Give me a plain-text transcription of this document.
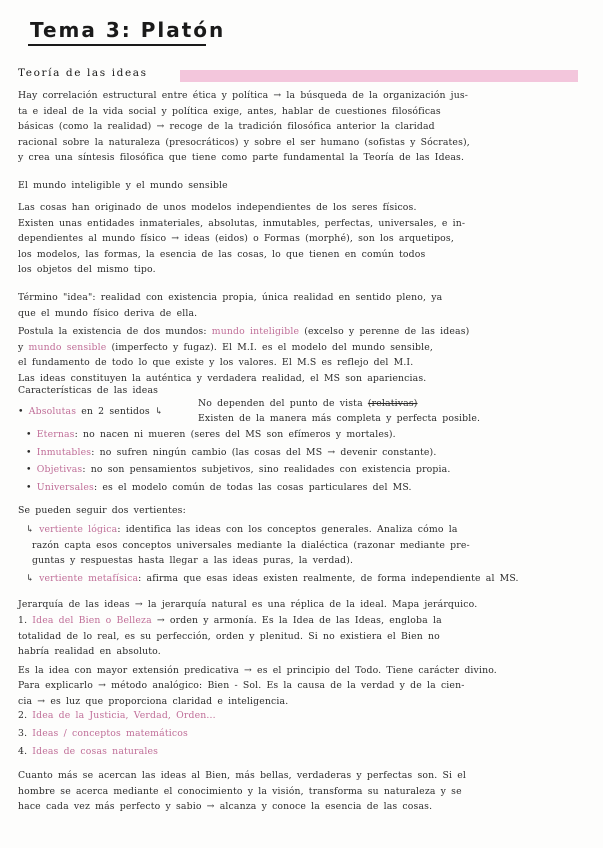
Tema 3: Platón
Teoría de las ideas
Hay correlación estructural entre ética y política → la búsqueda de la organización jus-
ta e ideal de la vida social y política exige, antes, hablar de cuestiones filosóficas
básicas (como la realidad) → recoge de la tradición filosófica anterior la claridad
racional sobre la naturaleza (presocráticos) y sobre el ser humano (sofistas y Sócrates),
y crea una síntesis filosófica que tiene como parte fundamental la Teoría de las Ideas.
El mundo inteligible y el mundo sensible
Las cosas han originado de unos modelos independientes de los seres físicos.
Existen unas entidades inmateriales, absolutas, inmutables, perfectas, universales, e in-
dependientes al mundo físico → ideas (eidos) o Formas (morphé), son los arquetipos,
los modelos, las formas, la esencia de las cosas, lo que tienen en común todos
los objetos del mismo tipo.
Término "idea": realidad con existencia propia, única realidad en sentido pleno, ya
que el mundo físico deriva de ella.
Postula la existencia de dos mundos: mundo inteligible (excelso y perenne de las ideas)
y mundo sensible (imperfecto y fugaz). El M.I. es el modelo del mundo sensible,
el fundamento de todo lo que existe y los valores. El M.S es reflejo del M.I.
Las ideas constituyen la auténtica y verdadera realidad, el MS son apariencias.
Características de las ideas
No dependen del punto de vista (relativas)
• Absolutas en 2 sentidos ↳
Existen de la manera más completa y perfecta posible.
• Eternas: no nacen ni mueren (seres del MS son efímeros y mortales).
• Inmutables: no sufren ningún cambio (las cosas del MS → devenir constante).
• Objetivas: no son pensamientos subjetivos, sino realidades con existencia propia.
• Universales: es el modelo común de todas las cosas particulares del MS.
Se pueden seguir dos vertientes:
↳ vertiente lógica: identifica las ideas con los conceptos generales. Analiza cómo la
razón capta esos conceptos universales mediante la dialéctica (razonar mediante pre-
guntas y respuestas hasta llegar a las ideas puras, la verdad).
↳ vertiente metafísica: afirma que esas ideas existen realmente, de forma independiente al MS.
Jerarquía de las ideas → la jerarquía natural es una réplica de la ideal. Mapa jerárquico.
1. Idea del Bien o Belleza → orden y armonía. Es la Idea de las Ideas, engloba la
totalidad de lo real, es su perfección, orden y plenitud. Si no existiera el Bien no
habría realidad en absoluto.
Es la idea con mayor extensión predicativa → es el principio del Todo. Tiene carácter divino.
Para explicarlo → método analógico: Bien - Sol. Es la causa de la verdad y de la cien-
cia → es luz que proporciona claridad e inteligencia.
2. Idea de la Justicia, Verdad, Orden...
3. Ideas / conceptos matemáticos
4. Ideas de cosas naturales
Cuanto más se acercan las ideas al Bien, más bellas, verdaderas y perfectas son. Si el
hombre se acerca mediante el conocimiento y la visión, transforma su naturaleza y se
hace cada vez más perfecto y sabio → alcanza y conoce la esencia de las cosas.
